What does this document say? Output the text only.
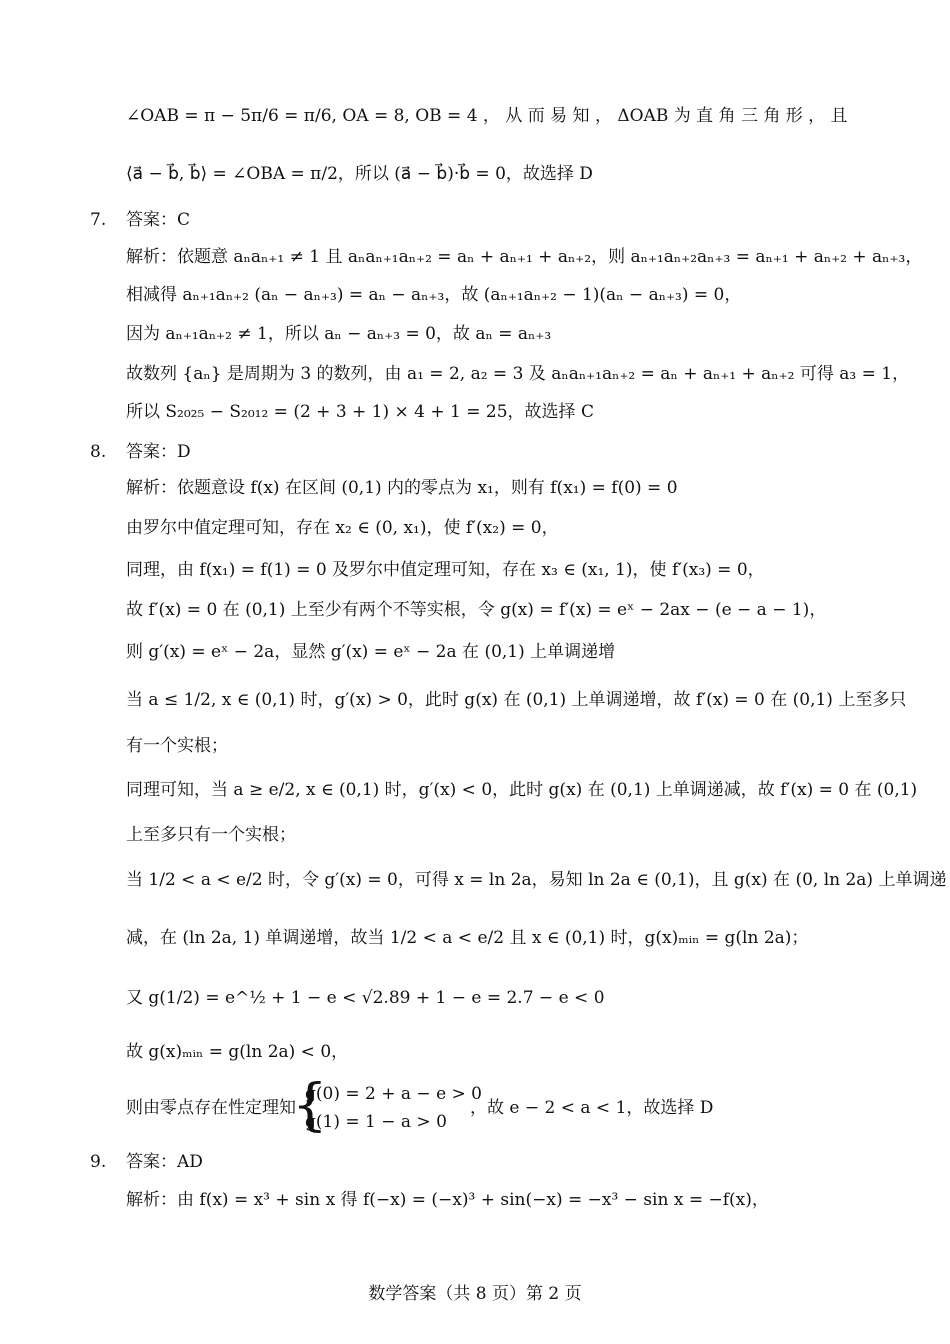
∠OAB = π − 5π/6 = π/6, OA = 8, OB = 4 ， 从 而 易 知 ， ΔOAB 为 直 角 三 角 形 ， 且
⟨a⃗ − b⃗, b⃗⟩ = ∠OBA = π/2，所以 (a⃗ − b⃗)·b⃗ = 0，故选择 D
7. 答案：C
解析：依题意 aₙaₙ₊₁ ≠ 1 且 aₙaₙ₊₁aₙ₊₂ = aₙ + aₙ₊₁ + aₙ₊₂，则 aₙ₊₁aₙ₊₂aₙ₊₃ = aₙ₊₁ + aₙ₊₂ + aₙ₊₃，
相减得 aₙ₊₁aₙ₊₂ (aₙ − aₙ₊₃) = aₙ − aₙ₊₃，故 (aₙ₊₁aₙ₊₂ − 1)(aₙ − aₙ₊₃) = 0，
因为 aₙ₊₁aₙ₊₂ ≠ 1，所以 aₙ − aₙ₊₃ = 0，故 aₙ = aₙ₊₃
故数列 {aₙ} 是周期为 3 的数列，由 a₁ = 2, a₂ = 3 及 aₙaₙ₊₁aₙ₊₂ = aₙ + aₙ₊₁ + aₙ₊₂ 可得 a₃ = 1，
所以 S₂₀₂₅ − S₂₀₁₂ = (2 + 3 + 1) × 4 + 1 = 25，故选择 C
8. 答案：D
解析：依题意设 f(x) 在区间 (0,1) 内的零点为 x₁，则有 f(x₁) = f(0) = 0
由罗尔中值定理可知，存在 x₂ ∈ (0, x₁)，使 f′(x₂) = 0，
同理，由 f(x₁) = f(1) = 0 及罗尔中值定理可知，存在 x₃ ∈ (x₁, 1)，使 f′(x₃) = 0，
故 f′(x) = 0 在 (0,1) 上至少有两个不等实根，令 g(x) = f′(x) = eˣ − 2ax − (e − a − 1)，
则 g′(x) = eˣ − 2a，显然 g′(x) = eˣ − 2a 在 (0,1) 上单调递增
当 a ≤ 1/2, x ∈ (0,1) 时，g′(x) > 0，此时 g(x) 在 (0,1) 上单调递增，故 f′(x) = 0 在 (0,1) 上至多只
有一个实根；
同理可知，当 a ≥ e/2, x ∈ (0,1) 时，g′(x) < 0，此时 g(x) 在 (0,1) 上单调递减，故 f′(x) = 0 在 (0,1)
上至多只有一个实根；
当 1/2 < a < e/2 时，令 g′(x) = 0，可得 x = ln 2a，易知 ln 2a ∈ (0,1)，且 g(x) 在 (0, ln 2a) 上单调递
减，在 (ln 2a, 1) 单调递增，故当 1/2 < a < e/2 且 x ∈ (0,1) 时，g(x)ₘᵢₙ = g(ln 2a)；
又 g(1/2) = e^½ + 1 − e < √2.89 + 1 − e = 2.7 − e < 0
故 g(x)ₘᵢₙ = g(ln 2a) < 0，
则由零点存在性定理知
{
g(0) = 2 + a − e > 0
g(1) = 1 − a > 0
，故 e − 2 < a < 1，故选择 D
9. 答案：AD
解析：由 f(x) = x³ + sin x 得 f(−x) = (−x)³ + sin(−x) = −x³ − sin x = −f(x)，
数学答案（共 8 页）第 2 页
